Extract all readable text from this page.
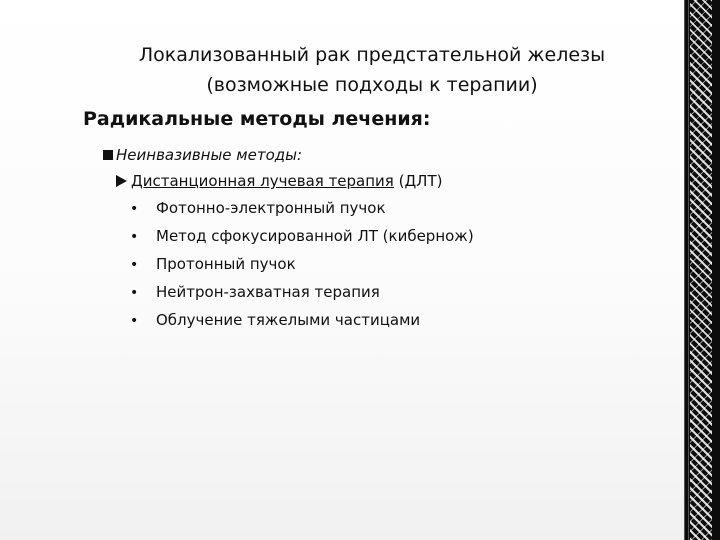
Локализованный рак предстательной железы
(возможные подходы к терапии)
Радикальные методы лечения:
Неинвазивные методы:
Дистанционная лучевая терапия (ДЛТ)
• Фотонно-электронный пучок
• Метод сфокусированной ЛТ (кибернож)
• Протонный пучок
• Нейтрон-захватная терапия
• Облучение тяжелыми частицами
